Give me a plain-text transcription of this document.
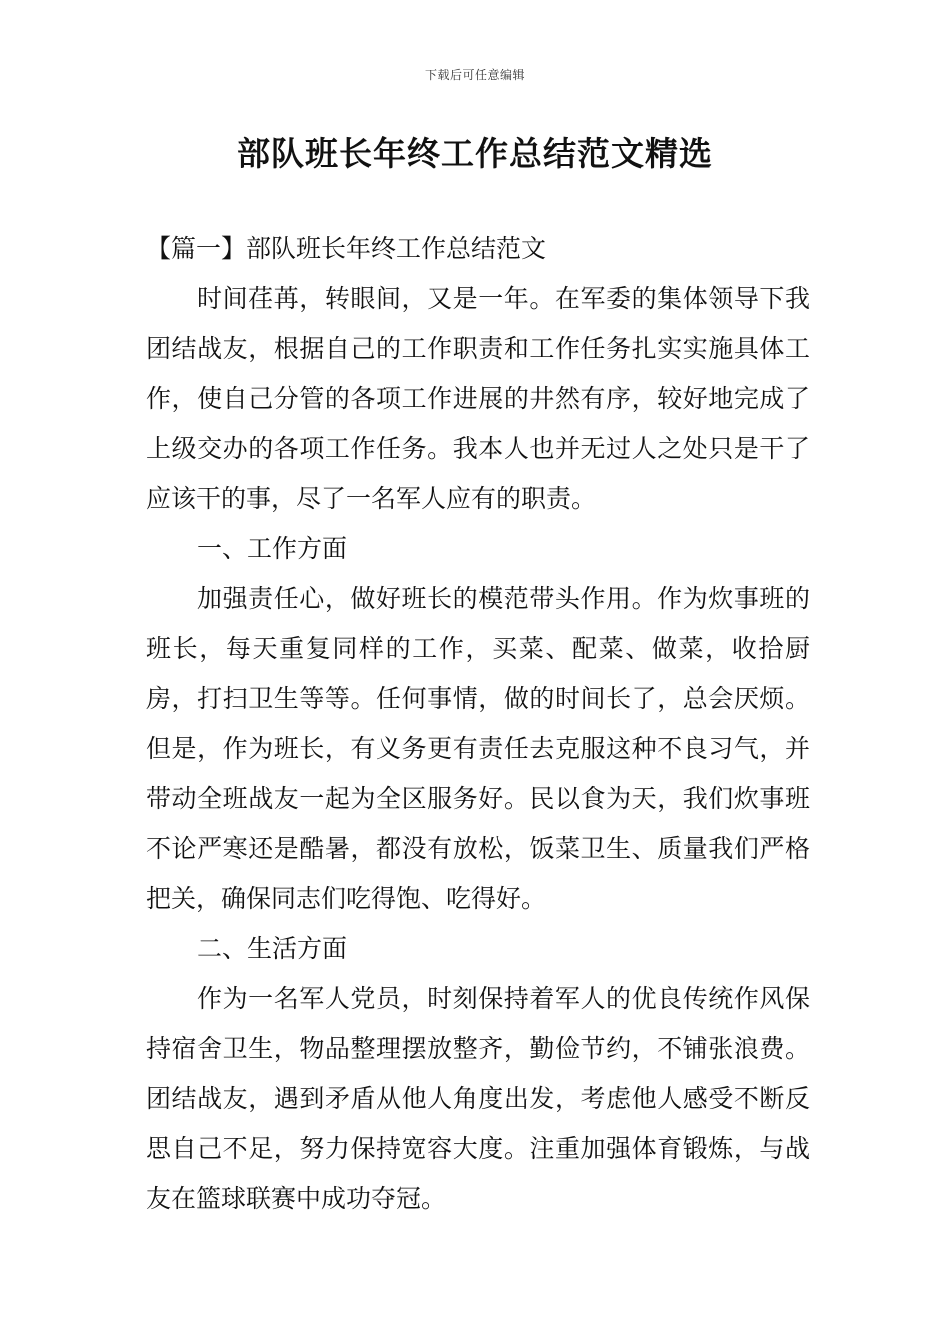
下载后可任意编辑
部队班长年终工作总结范文精选

【篇一】部队班长年终工作总结范文

时间荏苒，转眼间，又是一年。在军委的集体领导下我团结战友，根据自己的工作职责和工作任务扎实实施具体工作，使自己分管的各项工作进展的井然有序，较好地完成了上级交办的各项工作任务。我本人也并无过人之处只是干了应该干的事，尽了一名军人应有的职责。

一、工作方面

加强责任心，做好班长的模范带头作用。作为炊事班的班长，每天重复同样的工作，买菜、配菜、做菜，收拾厨房，打扫卫生等等。任何事情，做的时间长了，总会厌烦。但是，作为班长，有义务更有责任去克服这种不良习气，并带动全班战友一起为全区服务好。民以食为天，我们炊事班不论严寒还是酷暑，都没有放松，饭菜卫生、质量我们严格把关，确保同志们吃得饱、吃得好。

二、生活方面

作为一名军人党员，时刻保持着军人的优良传统作风保持宿舍卫生，物品整理摆放整齐，勤俭节约，不铺张浪费。团结战友，遇到矛盾从他人角度出发，考虑他人感受不断反思自己不足，努力保持宽容大度。注重加强体育锻炼，与战友在篮球联赛中成功夺冠。
